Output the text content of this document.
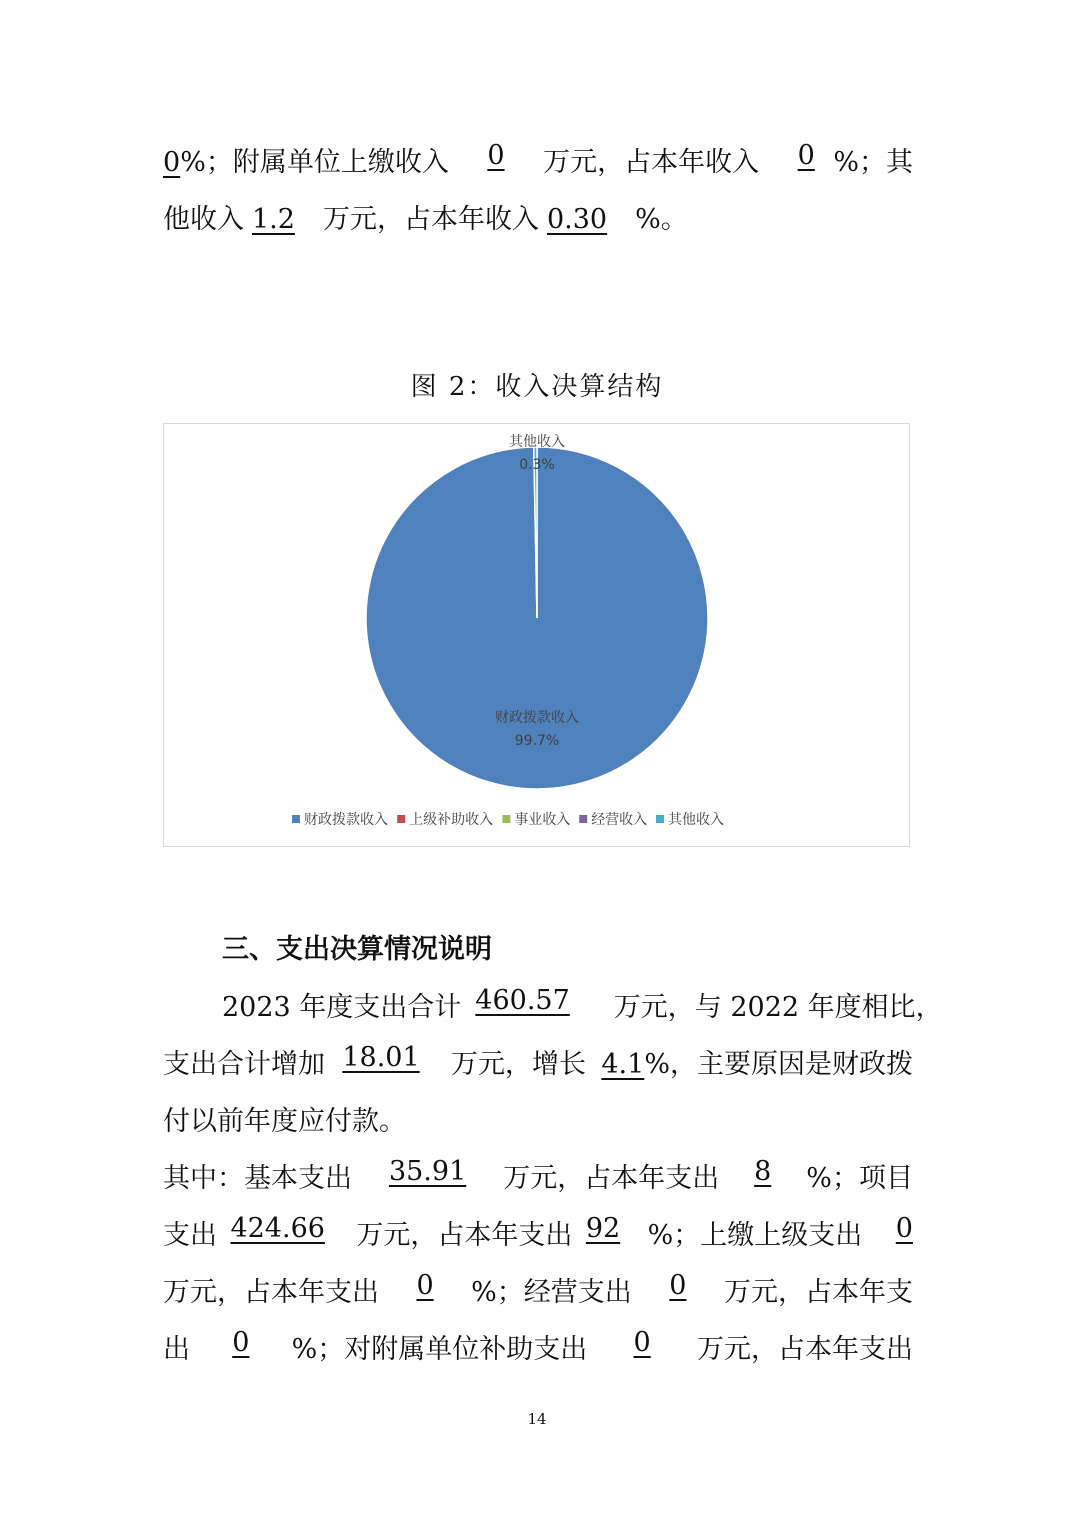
0%；附属单位上缴收入	0	万元，占本年收入	0 %；其
他收入 1.2 万元，占本年收入 0.30 %。
图 2：收入决算结构
财政拨款收入
99.7%
其他收入
0.3%
财政拨款收入 上级补助收入 事业收入 经营收入 其他收入
三、支出决算情况说明
2023 年度支出合计 460.57	万元，与 2022 年度相比，
支出合计增加 18.01	万元，增长 4.1%，主要原因是财政拨
付以前年度应付款。
其中：基本支出	35.91	万元，占本年支出	8	%；项目
支出 424.66	万元，占本年支出 92	%；上缴上级支出	0
万元，占本年支出	0	%；经营支出	0	万元，占本年支
出	0	%；对附属单位补助支出	0	万元，占本年支出
14
